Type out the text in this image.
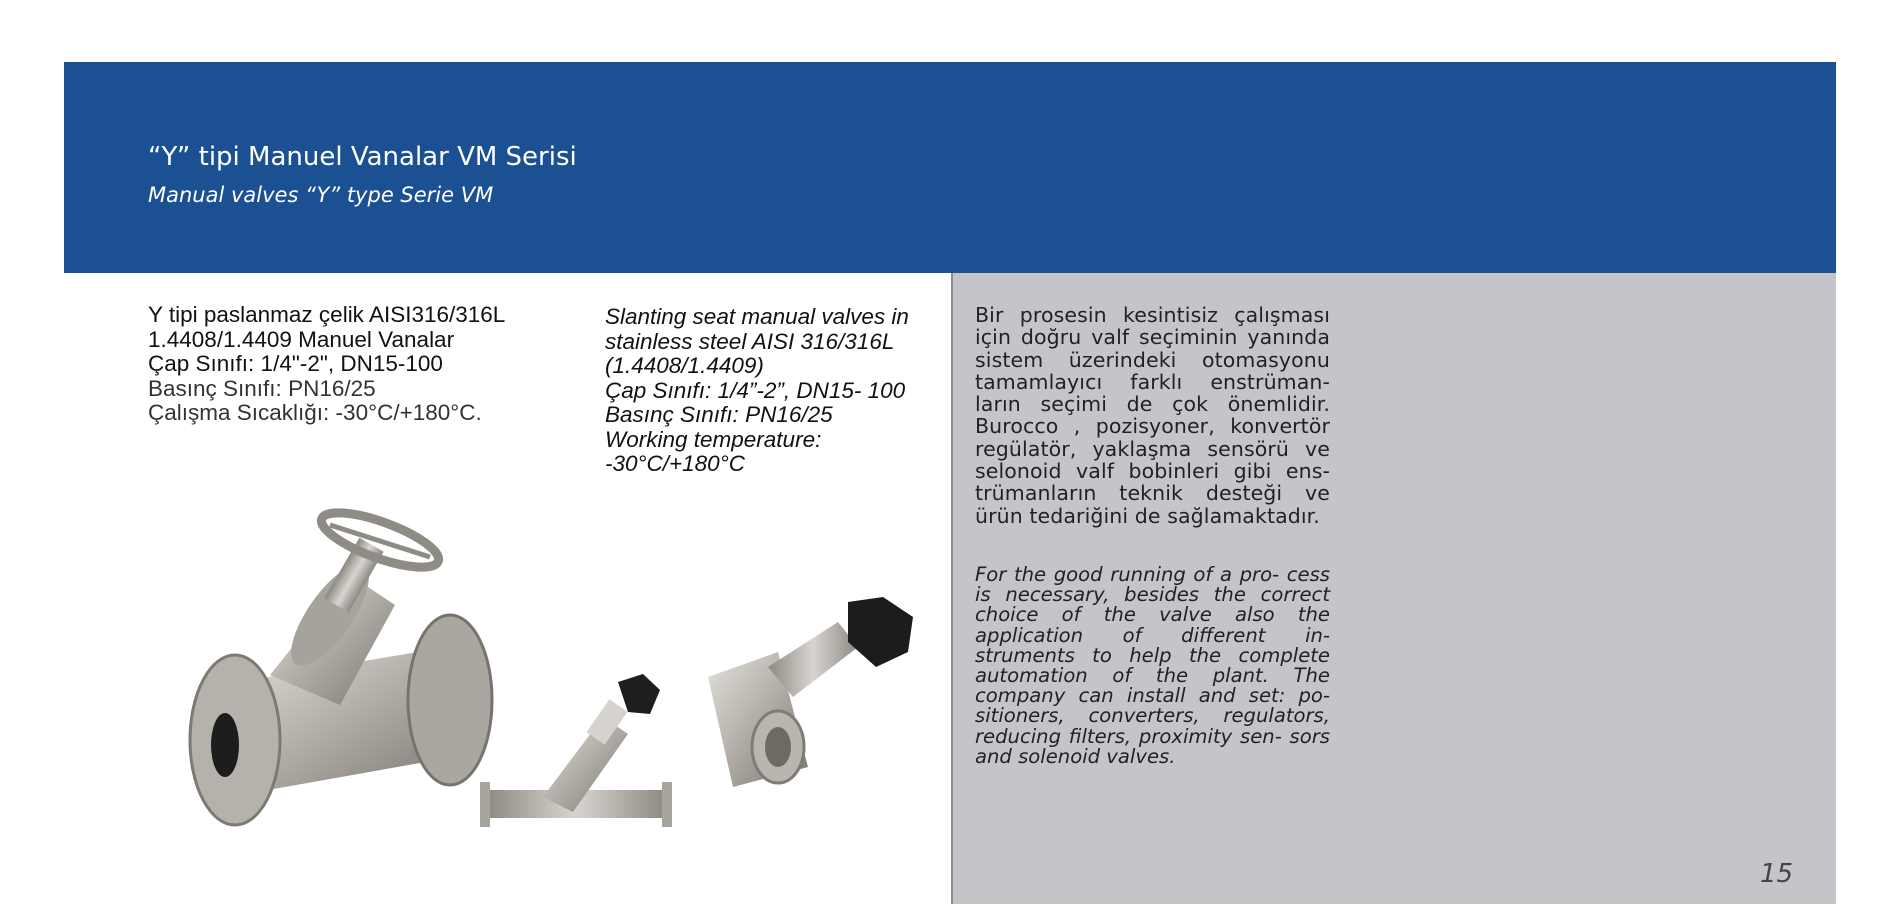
“Y” tipi Manuel Vanalar VM Serisi
Manual valves “Y” type Serie VM
Y tipi paslanmaz çelik AISI316/316L
1.4408/1.4409 Manuel Vanalar
Çap Sınıfı: 1/4"-2", DN15-100
Basınç Sınıfı: PN16/25
Çalışma Sıcaklığı: -30°C/+180°C.
Slanting seat manual valves in
stainless steel AISI 316/316L
(1.4408/1.4409)
Çap Sınıfı: 1/4”-2”, DN15- 100
Basınç Sınıfı: PN16/25
Working temperature:
-30°C/+180°C
Bir prosesin kesintisiz çalışması için doğru valf seçiminin yanında sistem üzerindeki otomasyonu tamamlayıcı farklı enstrüman- ların seçimi de çok önemlidir. Burocco , pozisyoner, konvertör regülatör, yaklaşma sensörü ve selonoid valf bobinleri gibi ens- trümanların teknik desteği ve ürün tedariğini de sağlamaktadır.
For the good running of a pro- cess is necessary, besides the correct choice of the valve also the application of different in- struments to help the complete automation of the plant. The company can install and set: po- sitioners, converters, regulators, reducing filters, proximity sen- sors and solenoid valves.
15
